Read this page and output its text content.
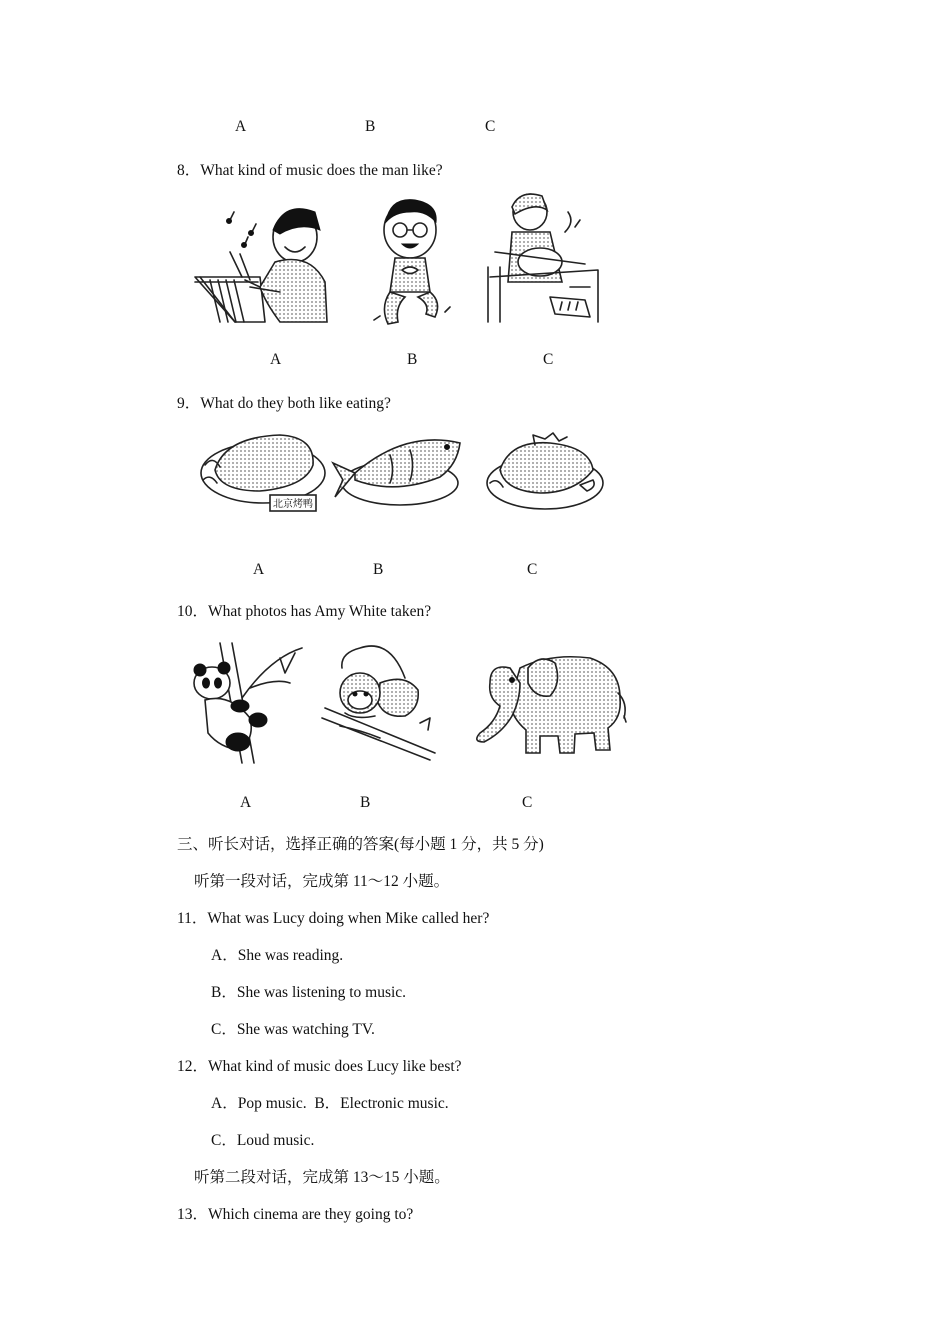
A	B	C
8．What kind of music does the man like?
A	B	C
9．What do they both like eating?
北京烤鸭
A	B	C
10．What photos has Amy White taken?
A	B	C
三、听长对话，选择正确的答案(每小题 1 分，共 5 分)
听第一段对话，完成第 11～12 小题。
11．What was Lucy doing when Mike called her?
A．She was reading.
B．She was listening to music.
C．She was watching TV.
12．What kind of music does Lucy like best?
A．Pop music.  B．Electronic music.
C．Loud music.
听第二段对话，完成第 13～15 小题。
13．Which cinema are they going to?
